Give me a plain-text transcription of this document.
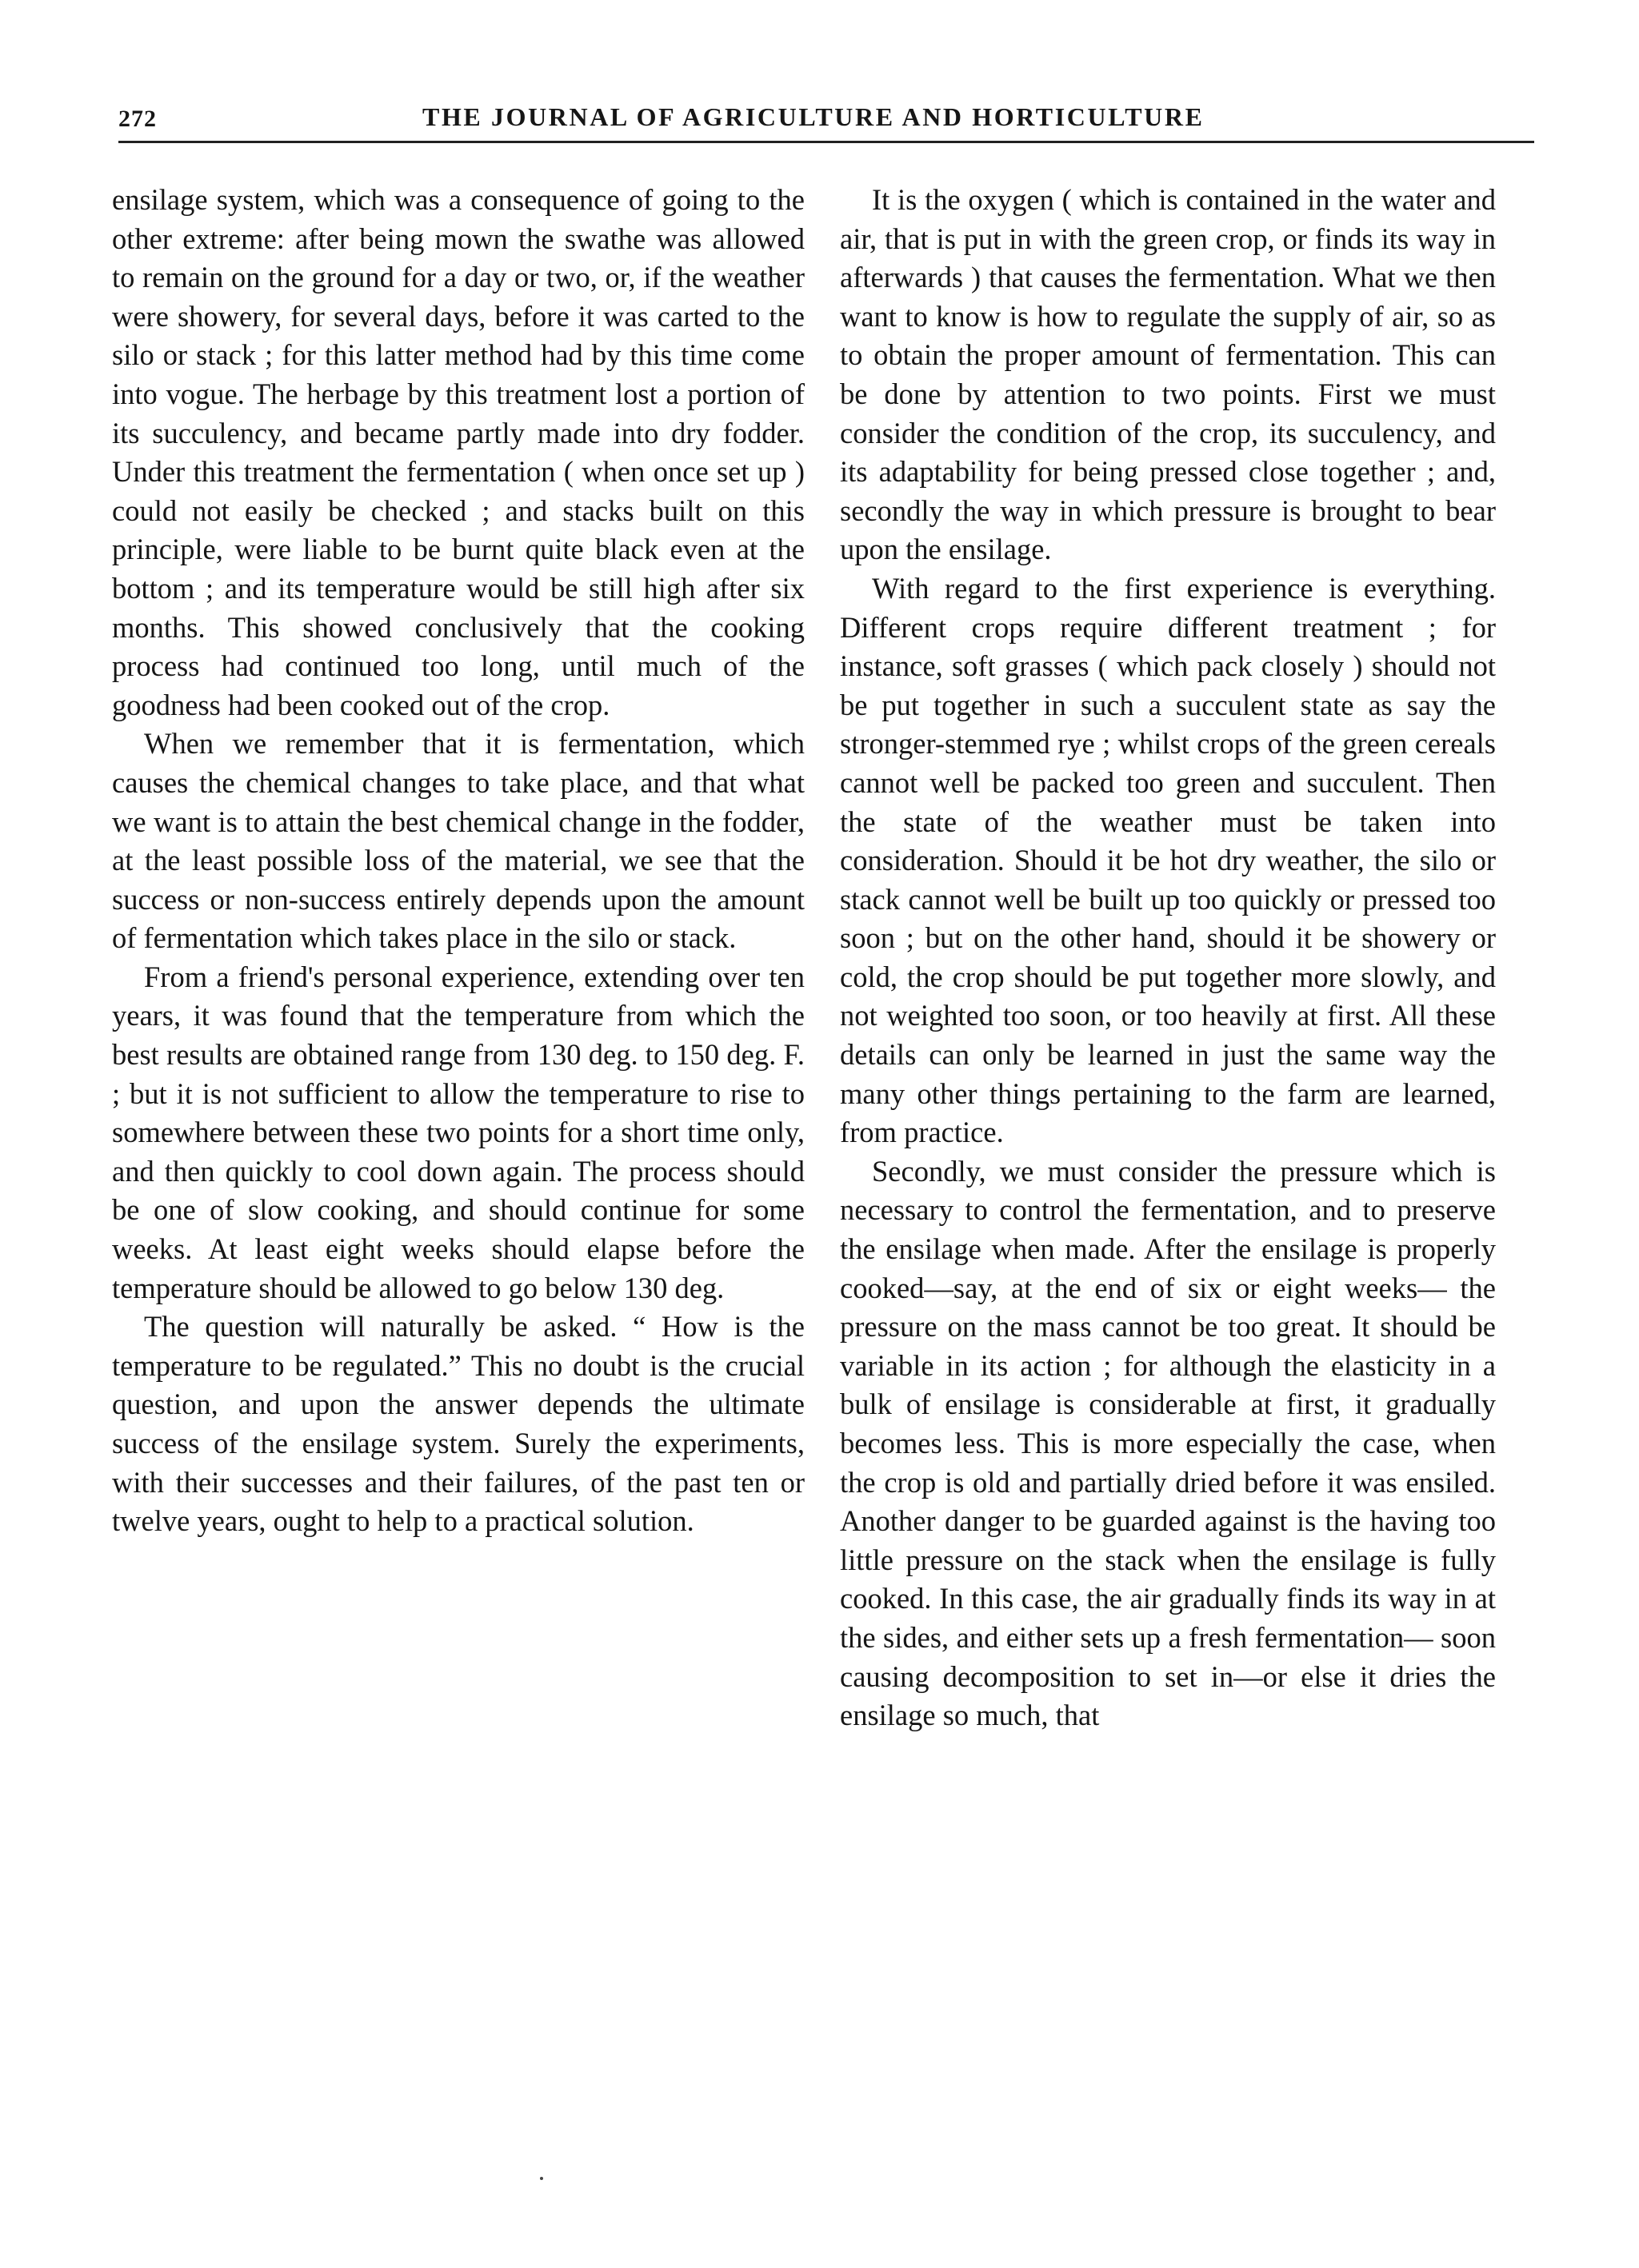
272	THE JOURNAL OF AGRICULTURE AND HORTICULTURE

ensilage system, which was a consequence of going to the other extreme: after being mown the swathe was allowed to remain on the ground for a day or two, or, if the weather were showery, for several days, before it was carted to the silo or stack ; for this latter method had by this time come into vogue. The herbage by this treatment lost a portion of its succulency, and became partly made into dry fodder. Under this treatment the fermentation ( when once set up ) could not easily be checked ; and stacks built on this principle, were liable to be burnt quite black even at the bottom ; and its temperature would be still high after six months. This showed conclusively that the cooking process had continued too long, until much of the goodness had been cooked out of the crop.

When we remember that it is fermentation, which causes the chemical changes to take place, and that what we want is to attain the best chemical change in the fodder, at the least possible loss of the material, we see that the success or non-success entirely depends upon the amount of fermentation which takes place in the silo or stack.

From a friend's personal experience, extending over ten years, it was found that the temperature from which the best results are obtained range from 130 deg. to 150 deg. F. ; but it is not sufficient to allow the temperature to rise to somewhere between these two points for a short time only, and then quickly to cool down again. The process should be one of slow cooking, and should continue for some weeks. At least eight weeks should elapse before the temperature should be allowed to go below 130 deg.

The question will naturally be asked. “ How is the temperature to be regulated.” This no doubt is the crucial question, and upon the answer depends the ultimate success of the ensilage system. Surely the experiments, with their successes and their failures, of the past ten or twelve years, ought to help to a practical solution.

It is the oxygen ( which is contained in the water and air, that is put in with the green crop, or finds its way in afterwards ) that causes the fermentation. What we then want to know is how to regulate the supply of air, so as to obtain the proper amount of fermentation. This can be done by attention to two points. First we must consider the condition of the crop, its succulency, and its adaptability for being pressed close together ; and, secondly the way in which pressure is brought to bear upon the ensilage.

With regard to the first experience is everything. Different crops require different treatment ; for instance, soft grasses ( which pack closely ) should not be put together in such a succulent state as say the stronger-stemmed rye ; whilst crops of the green cereals cannot well be packed too green and succulent. Then the state of the weather must be taken into consideration. Should it be hot dry weather, the silo or stack cannot well be built up too quickly or pressed too soon ; but on the other hand, should it be showery or cold, the crop should be put together more slowly, and not weighted too soon, or too heavily at first. All these details can only be learned in just the same way the many other things pertaining to the farm are learned, from practice.

Secondly, we must consider the pressure which is necessary to control the fermentation, and to preserve the ensilage when made. After the ensilage is properly cooked—say, at the end of six or eight weeks— the pressure on the mass cannot be too great. It should be variable in its action ; for although the elasticity in a bulk of ensilage is considerable at first, it gradually becomes less. This is more especially the case, when the crop is old and partially dried before it was ensiled. Another danger to be guarded against is the having too little pressure on the stack when the ensilage is fully cooked. In this case, the air gradually finds its way in at the sides, and either sets up a fresh fermentation— soon causing decomposition to set in—or else it dries the ensilage so much, that
